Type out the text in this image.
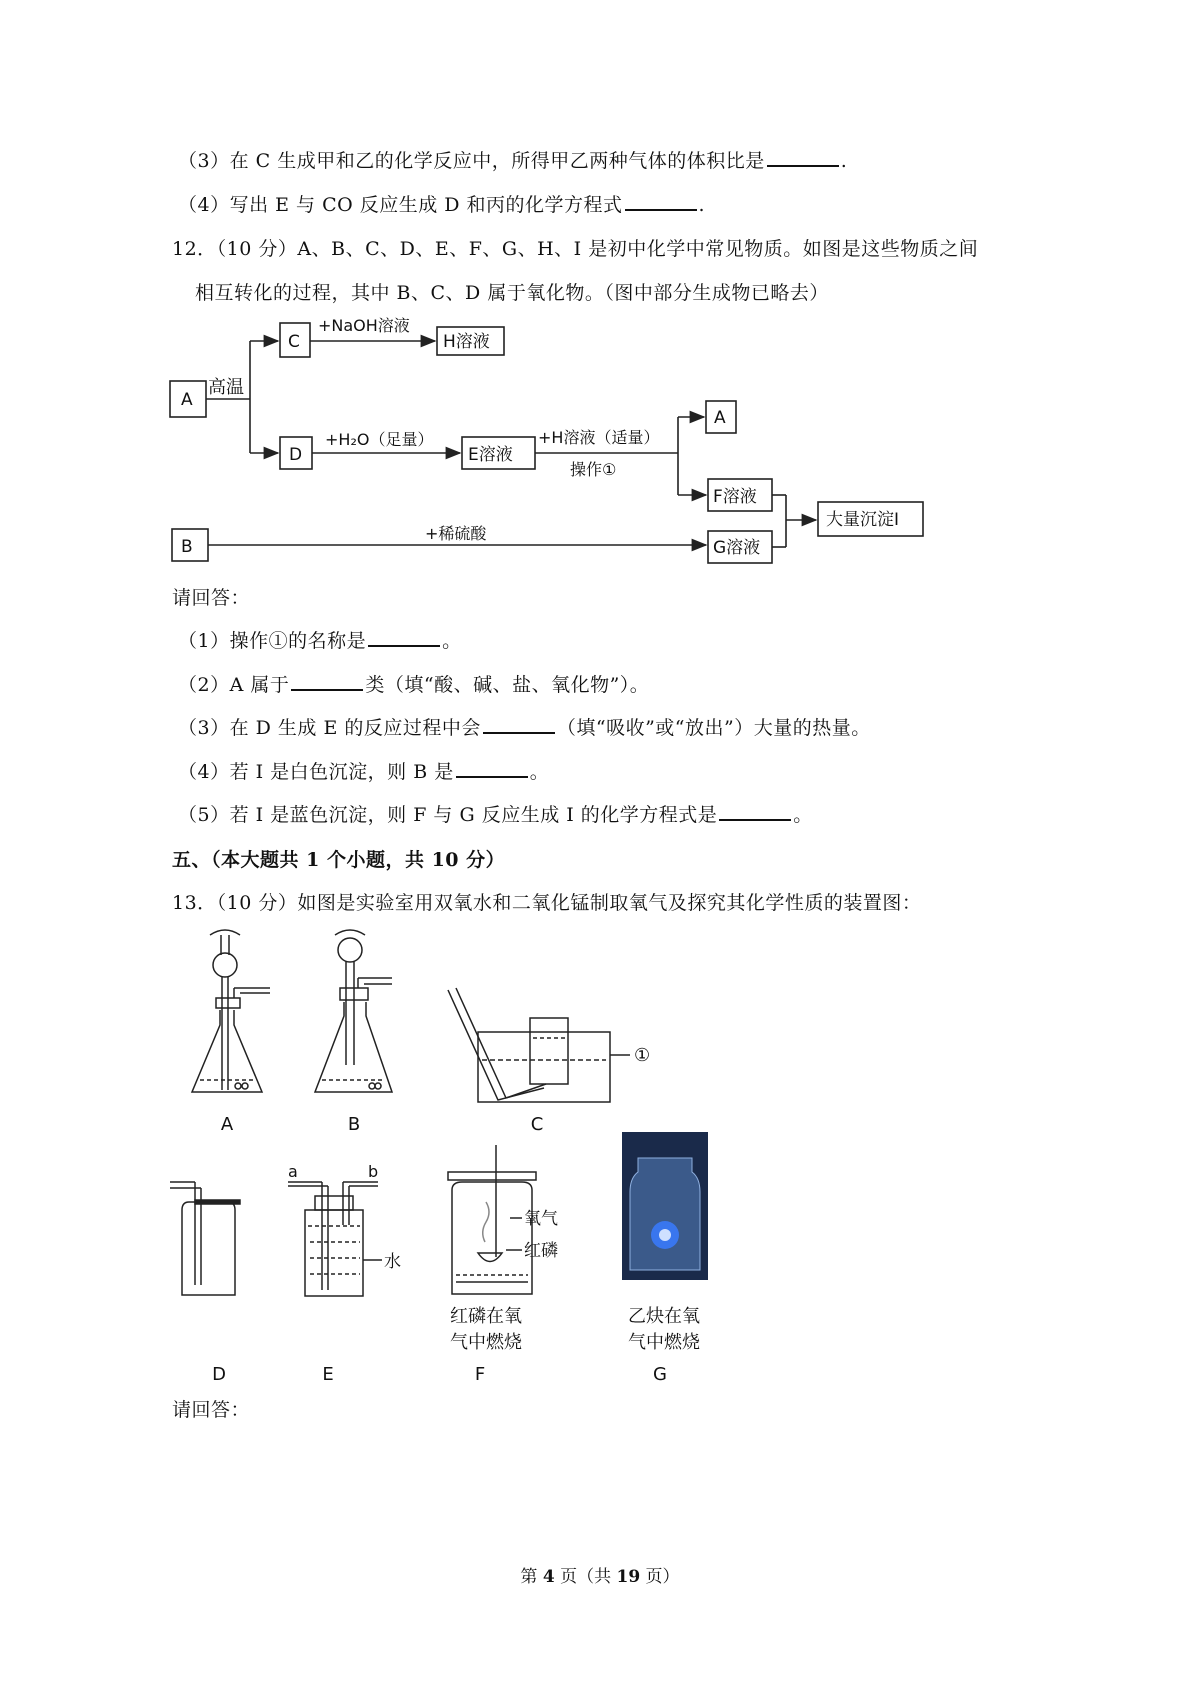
（3）在 C 生成甲和乙的化学反应中，所得甲乙两种气体的体积比是	.
（4）写出 E 与 CO 反应生成 D 和丙的化学方程式	.
12．（10 分）A、B、C、D、E、F、G、H、I 是初中化学中常见物质。如图是这些物质之间
相互转化的过程，其中 B、C、D 属于氧化物。（图中部分生成物已略去）
A
C	H溶液
D	E溶液
A
F溶液
G溶液
大量沉淀I
B
高温
+NaOH溶液
+H₂O（足量）	+H溶液（适量）
操作①
+稀硫酸
请回答：
（1）操作①的名称是	。
（2）A 属于	类（填“酸、碱、盐、氧化物”）。
（3）在 D 生成 E 的反应过程中会	（填“吸收”或“放出”）大量的热量。
（4）若 I 是白色沉淀，则 B 是	。
（5）若 I 是蓝色沉淀，则 F 与 G 反应生成 I 的化学方程式是	。
五、（本大题共 1 个小题，共 10 分）
13．（10 分）如图是实验室用双氧水和二氧化锰制取氧气及探究其化学性质的装置图：
A	B	C
①
a	b
水
氧气
红磷
红磷在氧
气中燃烧
乙炔在氧
气中燃烧
D	E	F	G
请回答：
第 4 页（共 19 页）
